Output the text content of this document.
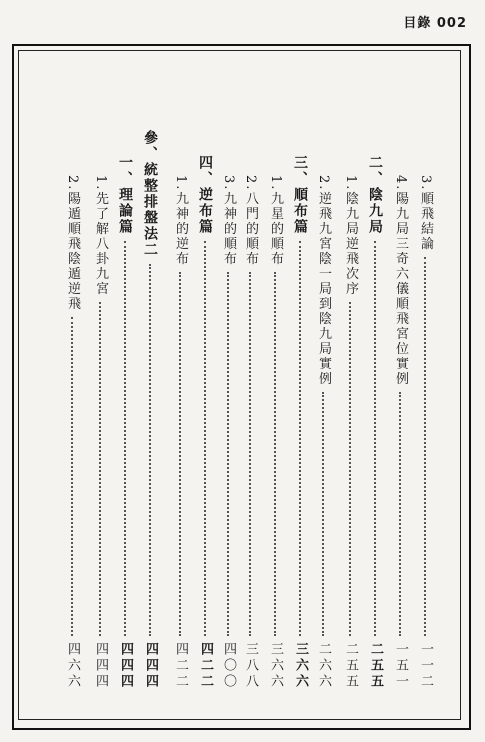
目錄 002
3.順飛結論
一一二
4.陽九局三奇六儀順飛宮位實例
一五一
二、陰九局
二五五
1.陰九局逆飛次序
二五五
2.逆飛九宮陰一局到陰九局實例
二六六
三、順布篇
三六六
1.九星的順布
三六六
2.八門的順布
三八八
3.九神的順布
四〇〇
四、逆布篇
四二二
1.九神的逆布
四二二
參、統整排盤法二
四四四
一、理論篇
四四四
1.先了解八卦九宮
四四四
2.陽遁順飛陰遁逆飛
四六六
